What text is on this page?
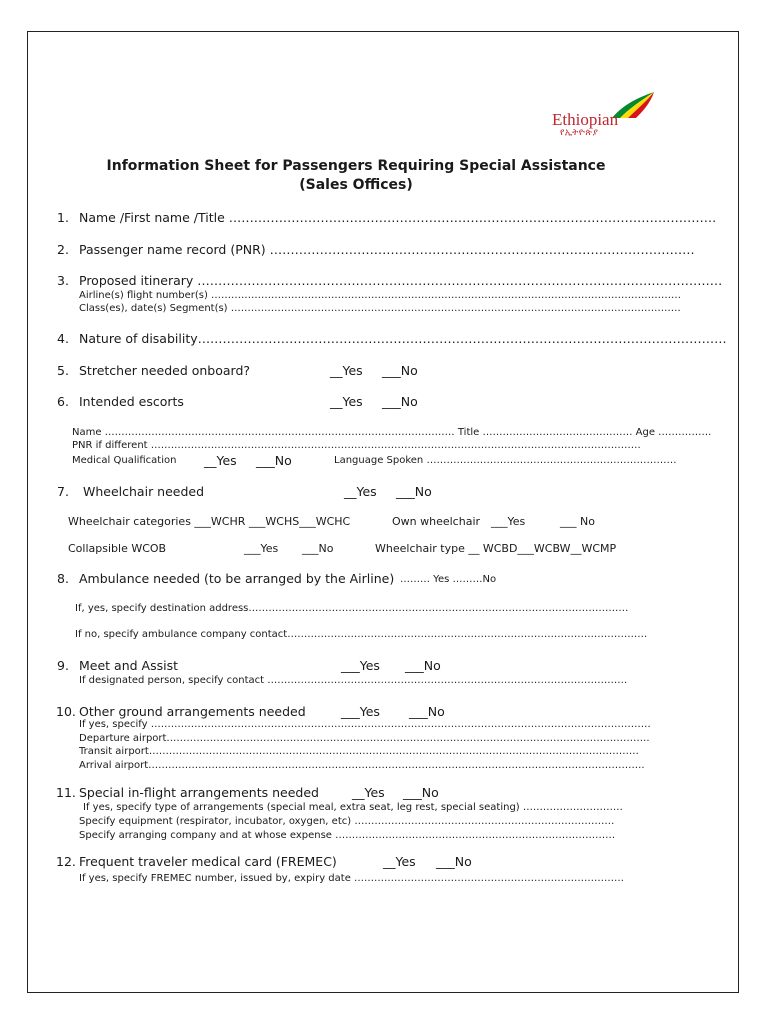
Ethiopian
የኢትዮጵያ
Information Sheet for Passengers Requiring Special Assistance
(Sales Offices)
1. Name /First name /Title ………………………………………………………………………………………………………
2. Passenger name record (PNR) …………………………………………………………………………………………
3. Proposed itinerary ………………………………………………………………………………………………………………
Airline(s) flight number(s) ……………………………………………………………………………………………………………………………
Class(es), date(s) Segment(s) ………………………………………………………………………………………………………………………
4. Nature of disability….……………………………………………………………………………………………………………
5. Stretcher needed onboard?	__Yes ___No
6. Intended escorts	__Yes ___No
Name …………………………………………………………………………………………… Title ……………………………………… Age …………….
PNR if different …………………………………………………………………………………………………………………………………
Medical Qualification __Yes ___No	Language Spoken …………………………………………………………………
7. Wheelchair needed	__Yes ___No
Wheelchair categories ___WCHR ___WCHS___WCHC	Own wheelchair ___Yes	___ No
Collapsible WCOB	___Yes ___No	Wheelchair type __ WCBD___WCBW__WCMP
8. Ambulance needed (to be arranged by the Airline) ……… Yes ………No
If, yes, specify destination address……………………………………………………………………………………………………
If no, specify ambulance company contact………………………………………………………………………………………………
9. Meet and Assist	___Yes ___No
If designated person, specify contact ………………………………………………………………………………………………
10. Other ground arrangements needed	___Yes ___No
If yes, specify ……………………………………………………………………………………………………………………………………
Departure airport……………………………………………………………………………………………………………………………….
Transit airport…………………………………………………………………………………………………………………………………
Arrival airport…………………………………………………………………………………………………………………………………..
11. Special in-flight arrangements needed	__Yes ___No
If yes, specify type of arrangements (special meal, extra seat, leg rest, special seating) …………………………
Specify equipment (respirator, incubator, oxygen, etc) ……………………………………………………………………
Specify arranging company and at whose expense …………………………………………………………………………
12. Frequent traveler medical card (FREMEC)	__Yes ___No
If yes, specify FREMEC number, issued by, expiry date ………………………………………………………………………
